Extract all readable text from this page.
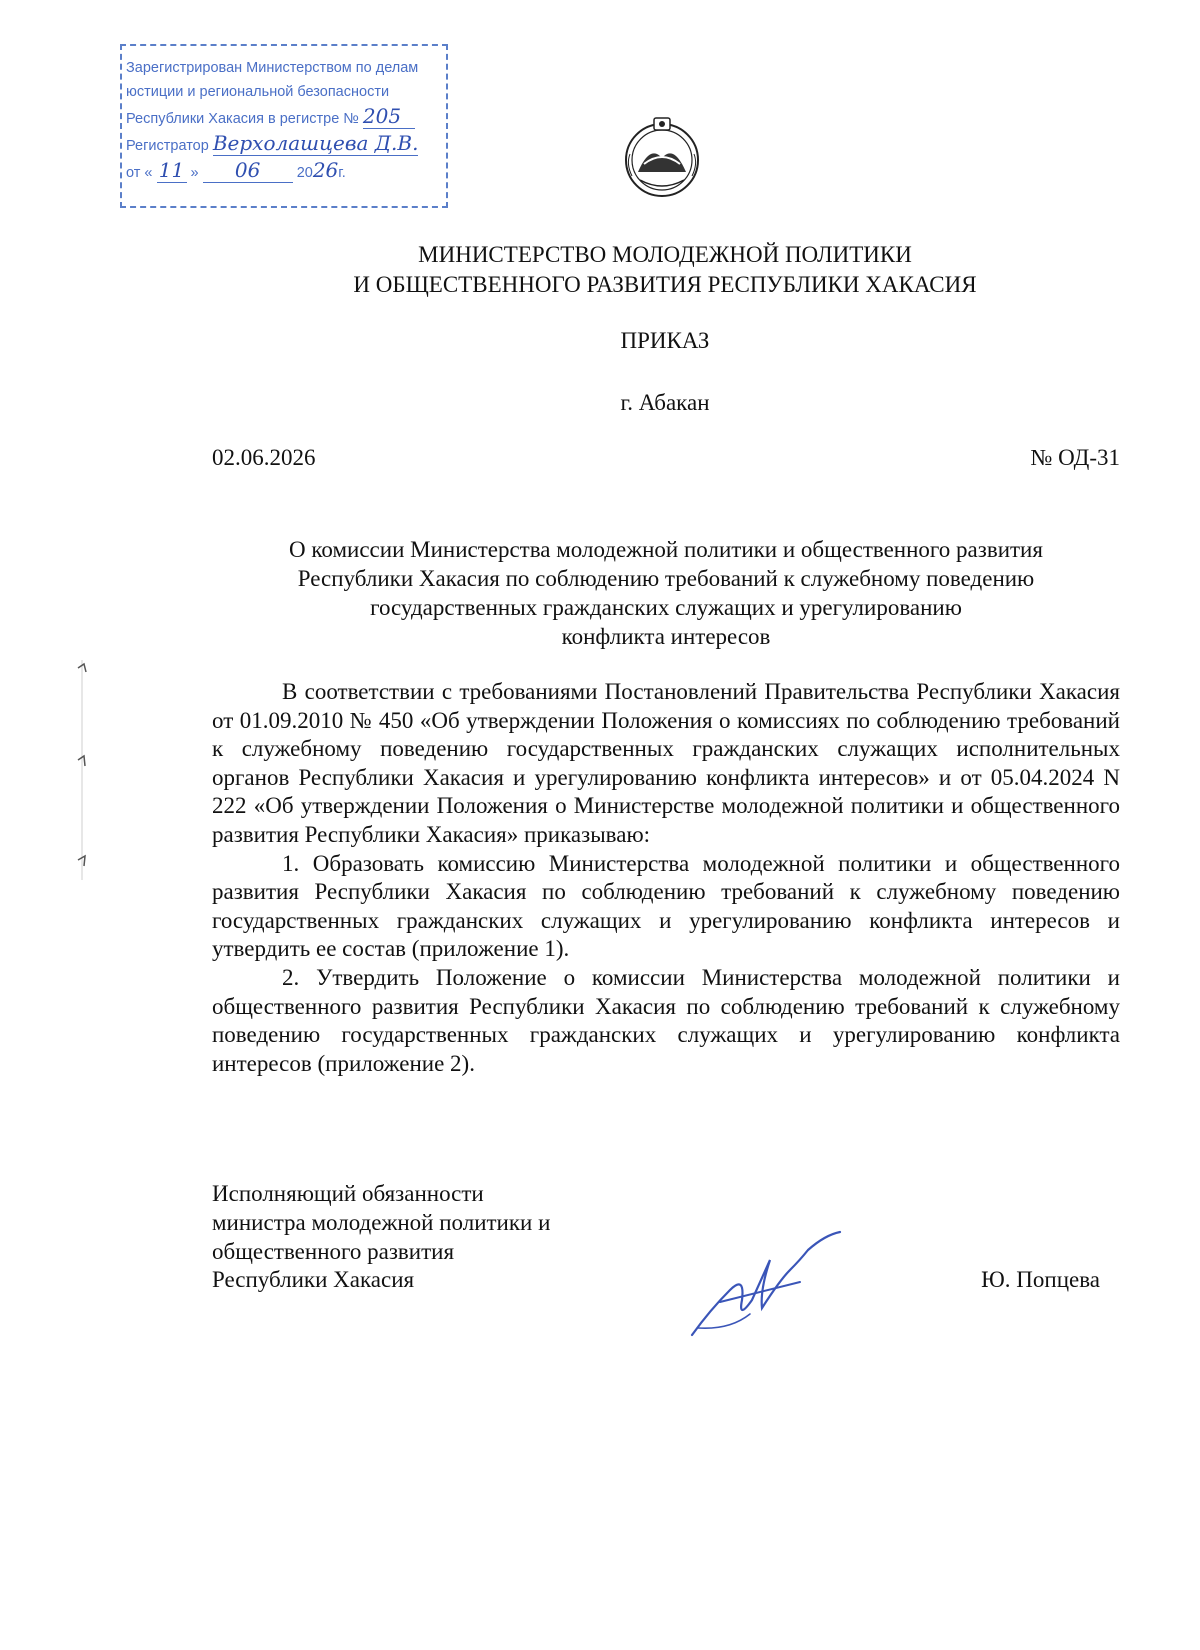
Зарегистрирован Министерством по делам
юстиции и региональной безопасности
Республики Хакасия в регистре № 205
Регистратор Верхолашцева Д.В.
от « 11 » 06	2026г.
МИНИСТЕРСТВО МОЛОДЕЖНОЙ ПОЛИТИКИ
И ОБЩЕСТВЕННОГО РАЗВИТИЯ РЕСПУБЛИКИ ХАКАСИЯ
ПРИКАЗ
г. Абакан
02.06.2026	№ ОД-31
О комиссии Министерства молодежной политики и общественного развития
Республики Хакасия по соблюдению требований к служебному поведению
государственных гражданских служащих и урегулированию
конфликта интересов

В соответствии с требованиями Постановлений Правительства Республики Хакасия от 01.09.2010 № 450 «Об утверждении Положения о комиссиях по соблюдению требований к служебному поведению государственных гражданских служащих исполнительных органов Республики Хакасия и урегулированию конфликта интересов» и от 05.04.2024 N 222 «Об утверждении Положения о Министерстве молодежной политики и общественного развития Республики Хакасия» приказываю:

1. Образовать комиссию Министерства молодежной политики и общественного развития Республики Хакасия по соблюдению требований к служебному поведению государственных гражданских служащих и урегулированию конфликта интересов и утвердить ее состав (приложение 1).

2. Утвердить Положение о комиссии Министерства молодежной политики и общественного развития Республики Хакасия по соблюдению требований к служебному поведению государственных гражданских служащих и урегулированию конфликта интересов (приложение 2).

Исполняющий обязанности
министра молодежной политики и
общественного развития
Республики Хакасия	Ю. Попцева
